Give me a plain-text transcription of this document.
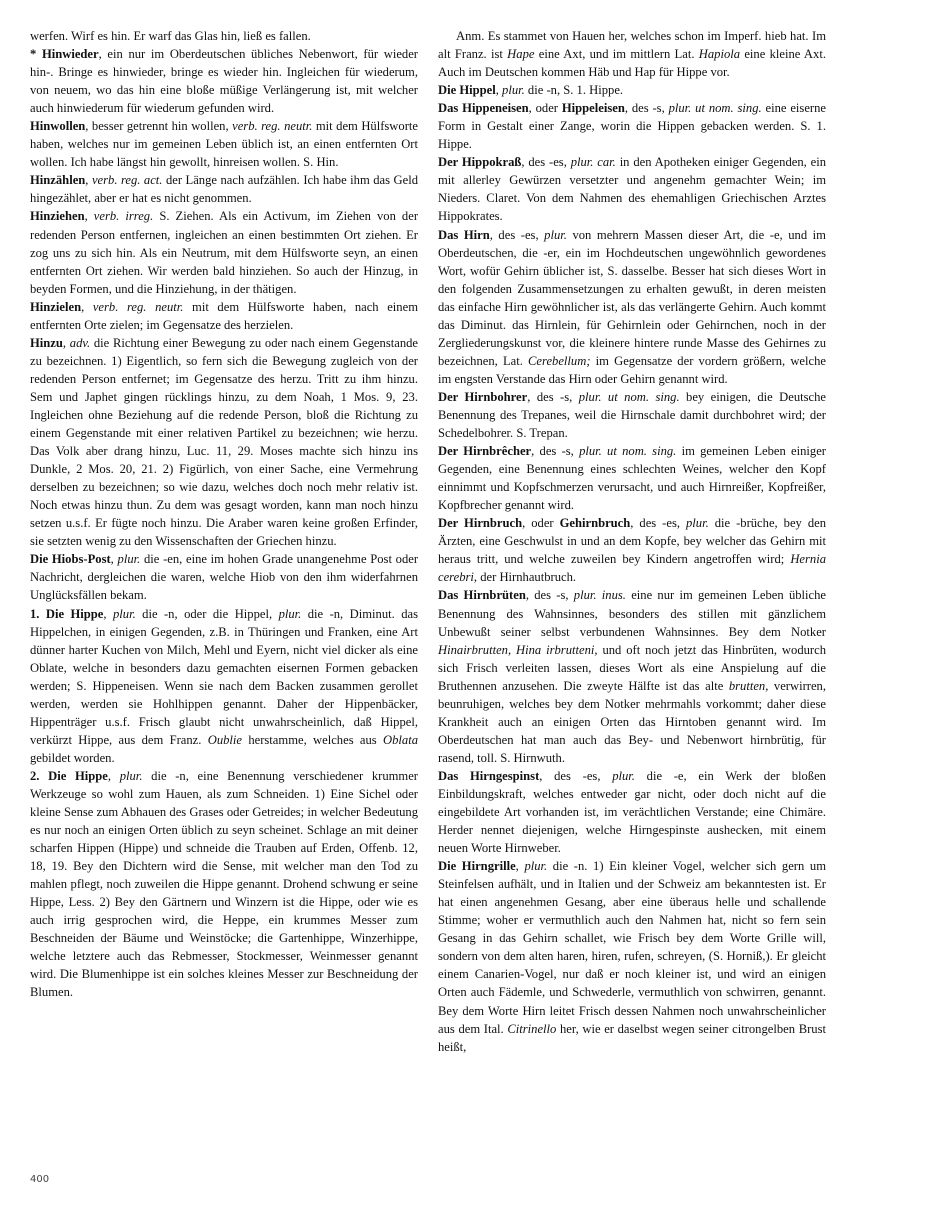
werfen. Wirf es hin. Er warf das Glas hin, ließ es fallen.

* Hinwieder, ein nur im Oberdeutschen übliches Nebenwort, für wieder hin-. Bringe es hinwieder, bringe es wieder hin. Ingleichen für wiederum, von neuem, wo das hin eine bloße müßige Verlängerung ist, mit welcher auch hinwiederum für wiederum gefunden wird.

Hinwollen, besser getrennt hin wollen, verb. reg. neutr. mit dem Hülfsworte haben, welches nur im gemeinen Leben üblich ist, an einen entfernten Ort wollen. Ich habe längst hin gewollt, hinreisen wollen. S. Hin.

Hinzählen, verb. reg. act. der Länge nach aufzählen. Ich habe ihm das Geld hingezählet, aber er hat es nicht genommen.

Hinziehen, verb. irreg. S. Ziehen. Als ein Activum, im Ziehen von der redenden Person entfernen, ingleichen an einen bestimmten Ort ziehen. Er zog uns zu sich hin. Als ein Neutrum, mit dem Hülfsworte seyn, an einen entfernten Ort ziehen. Wir werden bald hinziehen. So auch der Hinzug, in beyden Formen, und die Hinziehung, in der thätigen.

Hinzielen, verb. reg. neutr. mit dem Hülfsworte haben, nach einem entfernten Orte zielen; im Gegensatze des herzielen.

Hinzu, adv. die Richtung einer Bewegung zu oder nach einem Gegenstande zu bezeichnen. 1) Eigentlich, so fern sich die Bewegung zugleich von der redenden Person entfernet; im Gegensatze des herzu. Tritt zu ihm hinzu. Sem und Japhet gingen rücklings hinzu, zu dem Noah, 1 Mos. 9, 23. Ingleichen ohne Beziehung auf die redende Person, bloß die Richtung zu einem Gegenstande mit einer relativen Partikel zu bezeichnen; wie herzu. Das Volk aber drang hinzu, Luc. 11, 29. Moses machte sich hinzu ins Dunkle, 2 Mos. 20, 21. 2) Figürlich, von einer Sache, eine Vermehrung derselben zu bezeichnen; so wie dazu, welches doch noch mehr relativ ist. Noch etwas hinzu thun. Zu dem was gesagt worden, kann man noch hinzu setzen u.s.f. Er fügte noch hinzu. Die Araber waren keine großen Erfinder, sie setzten wenig zu den Wissenschaften der Griechen hinzu.

Die Hiobs-Post, plur. die -en, eine im hohen Grade unangenehme Post oder Nachricht, dergleichen die waren, welche Hiob von den ihm widerfahrnen Unglücksfällen bekam.

1. Die Hippe, plur. die -n, oder die Hippel, plur. die -n, Diminut. das Hippelchen, in einigen Gegenden, z.B. in Thüringen und Franken, eine Art dünner harter Kuchen von Milch, Mehl und Eyern, nicht viel dicker als eine Oblate, welche in besonders dazu gemachten eisernen Formen gebacken werden; S. Hippeneisen. Wenn sie nach dem Backen zusammen gerollet werden, werden sie Hohlhippen genannt. Daher der Hippenbäcker, Hippenträger u.s.f. Frisch glaubt nicht unwahrscheinlich, daß Hippel, verkürzt Hippe, aus dem Franz. Oublie herstamme, welches aus Oblata gebildet worden.

2. Die Hippe, plur. die -n, eine Benennung verschiedener krummer Werkzeuge so wohl zum Hauen, als zum Schneiden. 1) Eine Sichel oder kleine Sense zum Abhauen des Grases oder Getreides; in welcher Bedeutung es nur noch an einigen Orten üblich zu seyn scheinet. Schlage an mit deiner scharfen Hippen (Hippe) und schneide die Trauben auf Erden, Offenb. 12, 18, 19. Bey den Dichtern wird die Sense, mit welcher man den Tod zu mahlen pflegt, noch zuweilen die Hippe genannt. Drohend schwung er seine Hippe, Less. 2) Bey den Gärtnern und Winzern ist die Hippe, oder wie es auch irrig gesprochen wird, die Heppe, ein krummes Messer zum Beschneiden der Bäume und Weinstöcke; die Gartenhippe, Winzerhippe, welche letztere auch das Rebmesser, Stockmesser, Weinmesser genannt wird. Die Blumenhippe ist ein solches kleines Messer zur Beschneidung der Blumen.

Anm. Es stammet von Hauen her, welches schon im Imperf. hieb hat. Im alt Franz. ist Hape eine Axt, und im mittlern Lat. Hapiola eine kleine Axt. Auch im Deutschen kommen Häb und Hap für Hippe vor.

Die Hippel, plur. die -n, S. 1. Hippe.

Das Hippeneisen, oder Hippeleisen, des -s, plur. ut nom. sing. eine eiserne Form in Gestalt einer Zange, worin die Hippen gebacken werden. S. 1. Hippe.

Der Hippokraß, des -es, plur. car. in den Apotheken einiger Gegenden, ein mit allerley Gewürzen versetzter und angenehm gemachter Wein; im Nieders. Claret. Von dem Nahmen des ehemahligen Griechischen Arztes Hippokrates.

Das Hirn, des -es, plur. von mehrern Massen dieser Art, die -e, und im Oberdeutschen, die -er, ein im Hochdeutschen ungewöhnlich gewordenes Wort, wofür Gehirn üblicher ist, S. dasselbe. Besser hat sich dieses Wort in den folgenden Zusammensetzungen zu erhalten gewußt, in deren meisten das einfache Hirn gewöhnlicher ist, als das verlängerte Gehirn. Auch kommt das Diminut. das Hirnlein, für Gehirnlein oder Gehirnchen, noch in der Zergliederungskunst vor, die kleinere hintere runde Masse des Gehirnes zu bezeichnen, Lat. Cerebellum; im Gegensatze der vordern größern, welche im engsten Verstande das Hirn oder Gehirn genannt wird.

Der Hirnbohrer, des -s, plur. ut nom. sing. bey einigen, die Deutsche Benennung des Trepanes, weil die Hirnschale damit durchbohret wird; der Schedelbohrer. S. Trepan.

Der Hirnbrêcher, des -s, plur. ut nom. sing. im gemeinen Leben einiger Gegenden, eine Benennung eines schlechten Weines, welcher den Kopf einnimmt und Kopfschmerzen verursacht, und auch Hirnreißer, Kopfreißer, Kopfbrecher genannt wird.

Der Hirnbruch, oder Gehirnbruch, des -es, plur. die -brüche, bey den Ärzten, eine Geschwulst in und an dem Kopfe, bey welcher das Gehirn mit heraus tritt, und welche zuweilen bey Kindern angetroffen wird; Hernia cerebri, der Hirnhautbruch.

Das Hirnbrüten, des -s, plur. inus. eine nur im gemeinen Leben übliche Benennung des Wahnsinnes, besonders des stillen mit gänzlichem Unbewußt seiner selbst verbundenen Wahnsinnes. Bey dem Notker Hinairbrutten, Hina irbrutteni, und oft noch jetzt das Hinbrüten, wodurch sich Frisch verleiten lassen, dieses Wort als eine Anspielung auf die Bruthennen anzusehen. Die zweyte Hälfte ist das alte brutten, verwirren, beunruhigen, welches bey dem Notker mehrmahls vorkommt; daher diese Krankheit auch an einigen Orten das Hirntoben genannt wird. Im Oberdeutschen hat man auch das Bey- und Nebenwort hirnbrütig, für rasend, toll. S. Hirnwuth.

Das Hirngespinst, des -es, plur. die -e, ein Werk der bloßen Einbildungskraft, welches entweder gar nicht, oder doch nicht auf die eingebildete Art vorhanden ist, im verächtlichen Verstande; eine Chimäre. Herder nennet diejenigen, welche Hirngespinste aushecken, mit einem neuen Worte Hirnweber.

Die Hirngrille, plur. die -n. 1) Ein kleiner Vogel, welcher sich gern um Steinfelsen aufhält, und in Italien und der Schweiz am bekanntesten ist. Er hat einen angenehmen Gesang, aber eine überaus helle und schallende Stimme; woher er vermuthlich auch den Nahmen hat, nicht so fern sein Gesang in das Gehirn schallet, wie Frisch bey dem Worte Grille will, sondern von dem alten haren, hiren, rufen, schreyen, (S. Horniß,). Er gleicht einem Canarien-Vogel, nur daß er noch kleiner ist, und wird an einigen Orten auch Fädemle, und Schwederle, vermuthlich von schwirren, genannt. Bey dem Worte Hirn leitet Frisch dessen Nahmen noch unwahrscheinlicher aus dem Ital. Citrinello her, wie er daselbst wegen seiner citrongelben Brust heißt,

400
